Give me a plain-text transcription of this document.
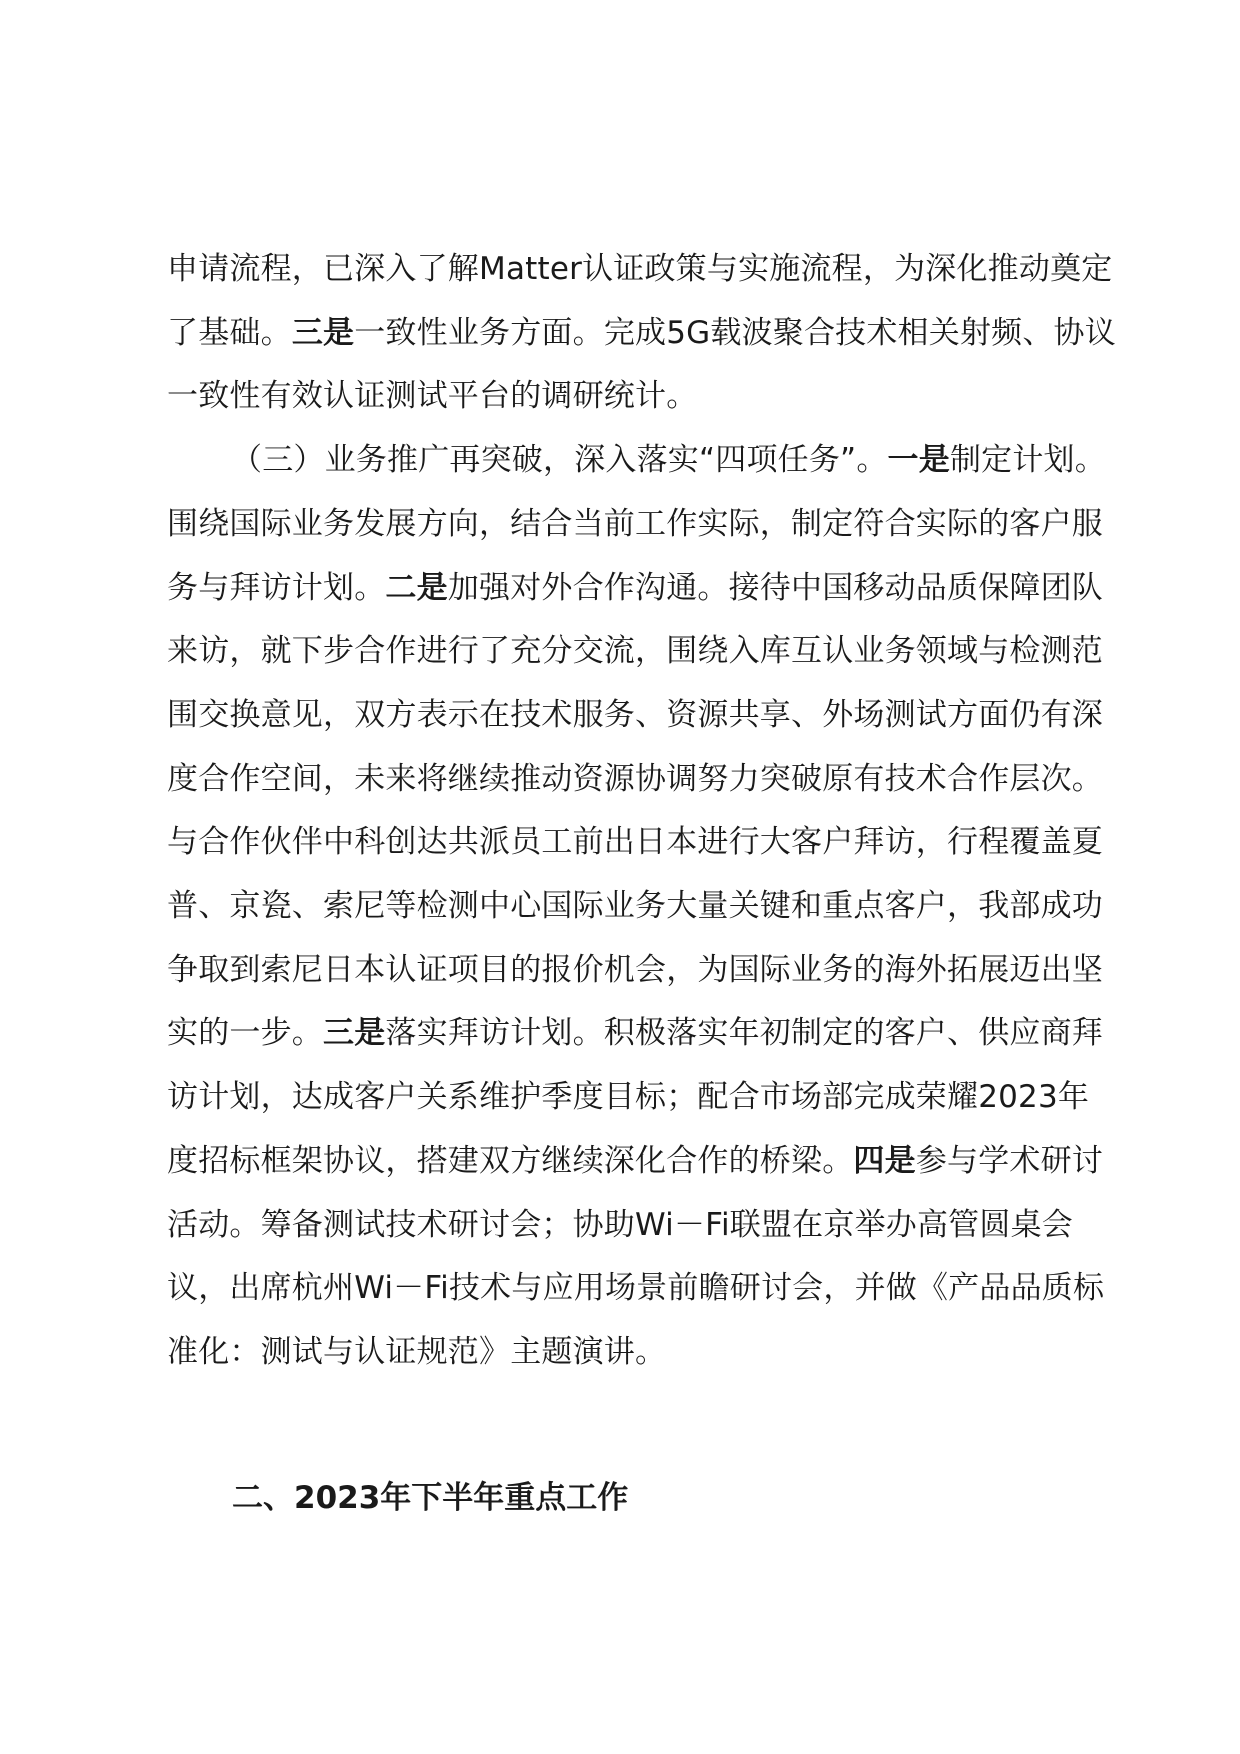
申请流程，已深入了解Matter认证政策与实施流程，为深化推动奠定了基础。三是一致性业务方面。完成5G载波聚合技术相关射频、协议一致性有效认证测试平台的调研统计。

（三）业务推广再突破，深入落实“四项任务”。一是制定计划。围绕国际业务发展方向，结合当前工作实际，制定符合实际的客户服务与拜访计划。二是加强对外合作沟通。接待中国移动品质保障团队来访，就下步合作进行了充分交流，围绕入库互认业务领域与检测范围交换意见，双方表示在技术服务、资源共享、外场测试方面仍有深度合作空间，未来将继续推动资源协调努力突破原有技术合作层次。与合作伙伴中科创达共派员工前出日本进行大客户拜访，行程覆盖夏普、京瓷、索尼等检测中心国际业务大量关键和重点客户，我部成功争取到索尼日本认证项目的报价机会，为国际业务的海外拓展迈出坚实的一步。三是落实拜访计划。积极落实年初制定的客户、供应商拜访计划，达成客户关系维护季度目标；配合市场部完成荣耀2023年度招标框架协议，搭建双方继续深化合作的桥梁。四是参与学术研讨活动。筹备测试技术研讨会；协助Wi－Fi联盟在京举办高管圆桌会议，出席杭州Wi－Fi技术与应用场景前瞻研讨会，并做《产品品质标准化：测试与认证规范》主题演讲。

二、2023年下半年重点工作
